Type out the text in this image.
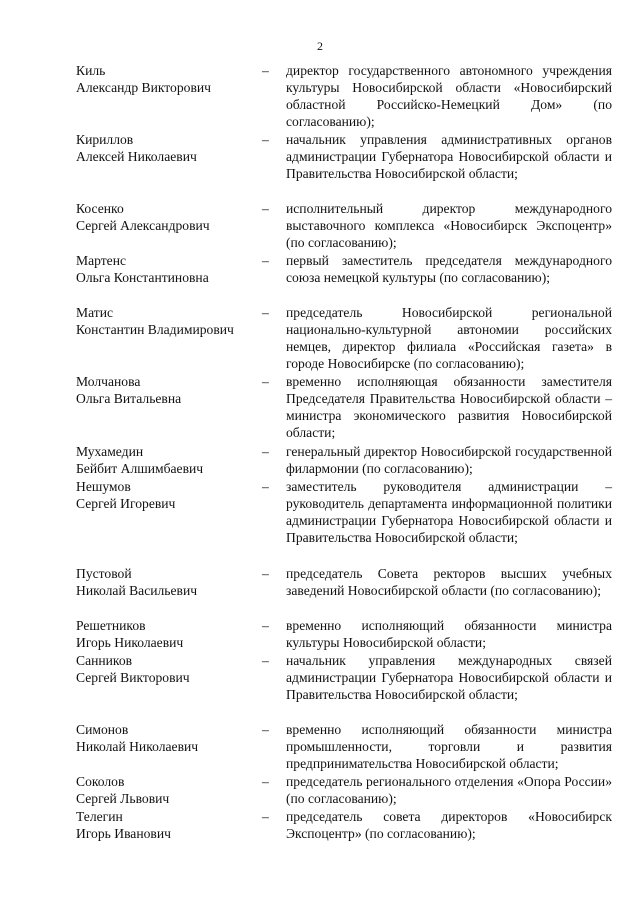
2
Киль
Александр Викторович
– директор государственного автономного учреждения культуры Новосибирской области «Новосибирский областной Российско-Немецкий Дом» (по согласованию);
Кириллов
Алексей Николаевич
– начальник управления административных органов администрации Губернатора Новосибирской области и Правительства Новосибирской области;
Косенко
Сергей Александрович
– исполнительный директор международного выставочного комплекса «Новосибирск Экспоцентр» (по согласованию);
Мартенс
Ольга Константиновна
– первый заместитель председателя международного союза немецкой культуры (по согласованию);
Матис
Константин Владимирович
– председатель Новосибирской региональной национально-культурной автономии российских немцев, директор филиала «Российская газета» в городе Новосибирске (по согласованию);
Молчанова
Ольга Витальевна
– временно исполняющая обязанности заместителя Председателя Правительства Новосибирской области – министра экономического развития Новосибирской области;
Мухамедин
Бейбит Алшимбаевич
– генеральный директор Новосибирской государственной филармонии (по согласованию);
Нешумов
Сергей Игоревич
– заместитель руководителя администрации – руководитель департамента информационной политики администрации Губернатора Новосибирской области и Правительства Новосибирской области;
Пустовой
Николай Васильевич
– председатель Совета ректоров высших учебных заведений Новосибирской области (по согласованию);
Решетников
Игорь Николаевич
– временно исполняющий обязанности министра культуры Новосибирской области;
Санников
Сергей Викторович
– начальник управления международных связей администрации Губернатора Новосибирской области и Правительства Новосибирской области;
Симонов
Николай Николаевич
– временно исполняющий обязанности министра промышленности, торговли и развития предпринимательства Новосибирской области;
Соколов
Сергей Львович
– председатель регионального отделения «Опора России» (по согласованию);
Телегин
Игорь Иванович
– председатель совета директоров «Новосибирск Экспоцентр» (по согласованию);
